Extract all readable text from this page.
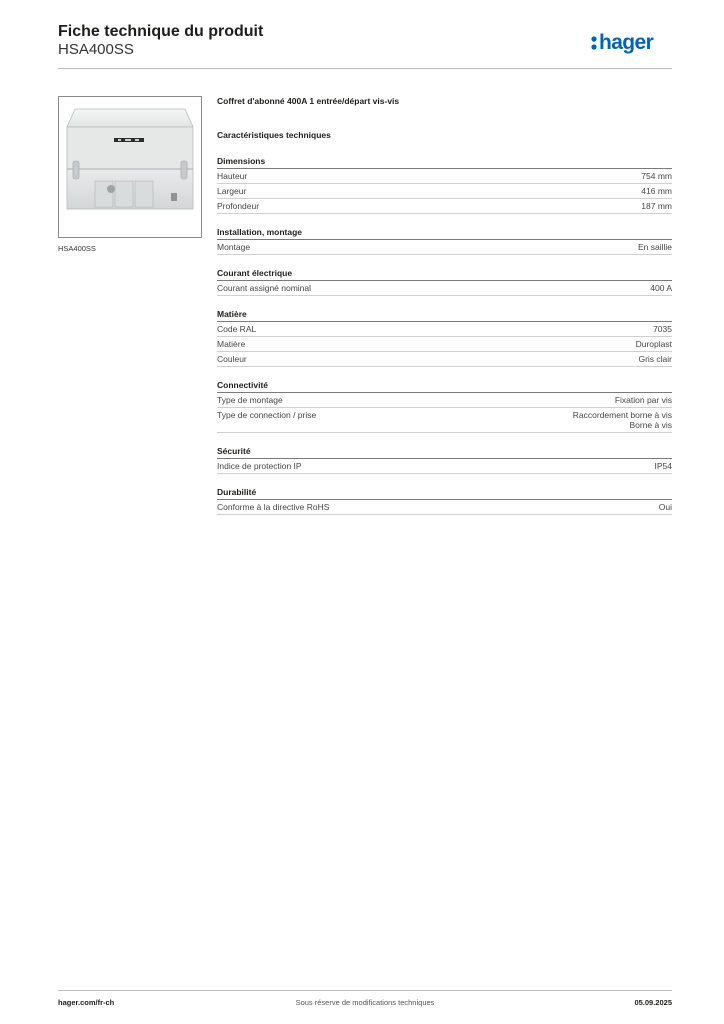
Fiche technique du produit
HSA400SS	hager
HSA400SS

Coffret d'abonné 400A 1 entrée/départ vis-vis

Caractéristiques techniques

Dimensions
Hauteur	754 mm
Largeur	416 mm
Profondeur	187 mm
Installation, montage
Montage	En saillie
Courant électrique
Courant assigné nominal	400 A
Matière
Code RAL	7035
Matière	Duroplast
Couleur	Gris clair
Connectivité
Type de montage	Fixation par vis
Type de connection / prise	Raccordement borne à vis
Borne à vis
Sécurité
Indice de protection IP	IP54
Durabilité
Conforme à la directive RoHS	Oui
hager.com/fr-ch	Sous réserve de modifications techniques	05.09.2025
